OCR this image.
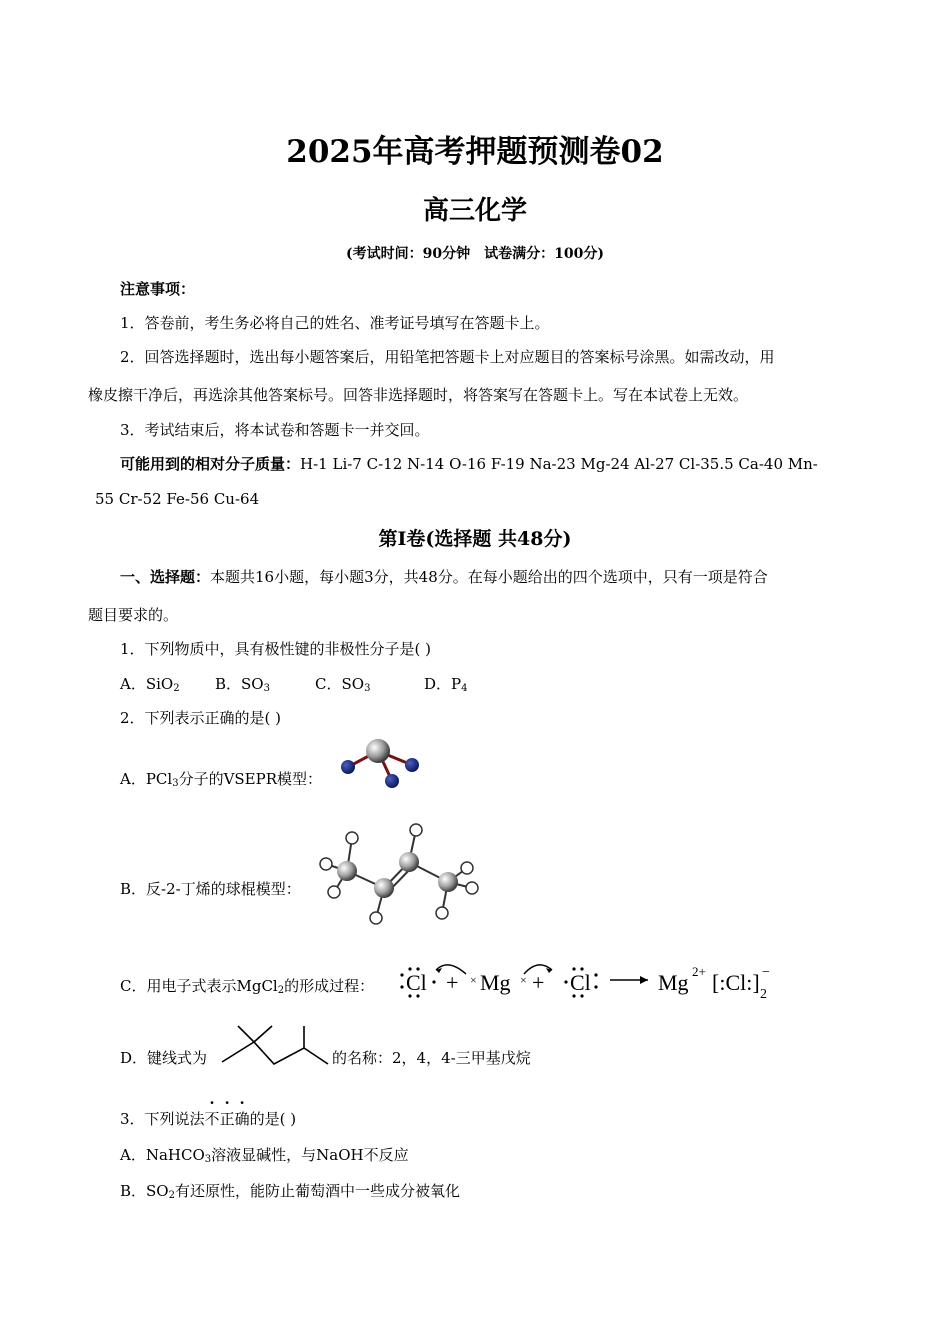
2025年高考押题预测卷02
高三化学
(考试时间：90分钟　试卷满分：100分)
注意事项：
1．答卷前，考生务必将自己的姓名、准考证号填写在答题卡上。
2．回答选择题时，选出每小题答案后，用铅笔把答题卡上对应题目的答案标号涂黑。如需改动，用
橡皮擦干净后，再选涂其他答案标号。回答非选择题时，将答案写在答题卡上。写在本试卷上无效。
3．考试结束后，将本试卷和答题卡一并交回。
可能用到的相对分子质量：H-1 Li-7 C-12 N-14 O-16 F-19 Na-23 Mg-24 Al-27 Cl-35.5 Ca-40 Mn-
55 Cr-52 Fe-56 Cu-64
第Ⅰ卷(选择题 共48分)
一、选择题：本题共16小题，每小题3分，共48分。在每小题给出的四个选项中，只有一项是符合
题目要求的。
1．下列物质中，具有极性键的非极性分子是( )
A．SiO$_2$ B．$SO_3$	C．$SO_3$	D．$P_4$
2．下列表示正确的是( )
A．PCl$_3$分子的VSEPR模型：
B．反-2-丁烯的球棍模型：
C．用电子式表示MgCl$_2$的形成过程： Cl + × Mg × + Cl	Mg 2+ [:Cl:] −
2
D．键线式为	的名称：2，4，4-三甲基戊烷
3．下列说法不正确的是( )
A．NaHCO$_3$溶液显碱性，与NaOH不反应
B．$SO_2$有还原性，能防止葡萄酒中一些成分被氧化
